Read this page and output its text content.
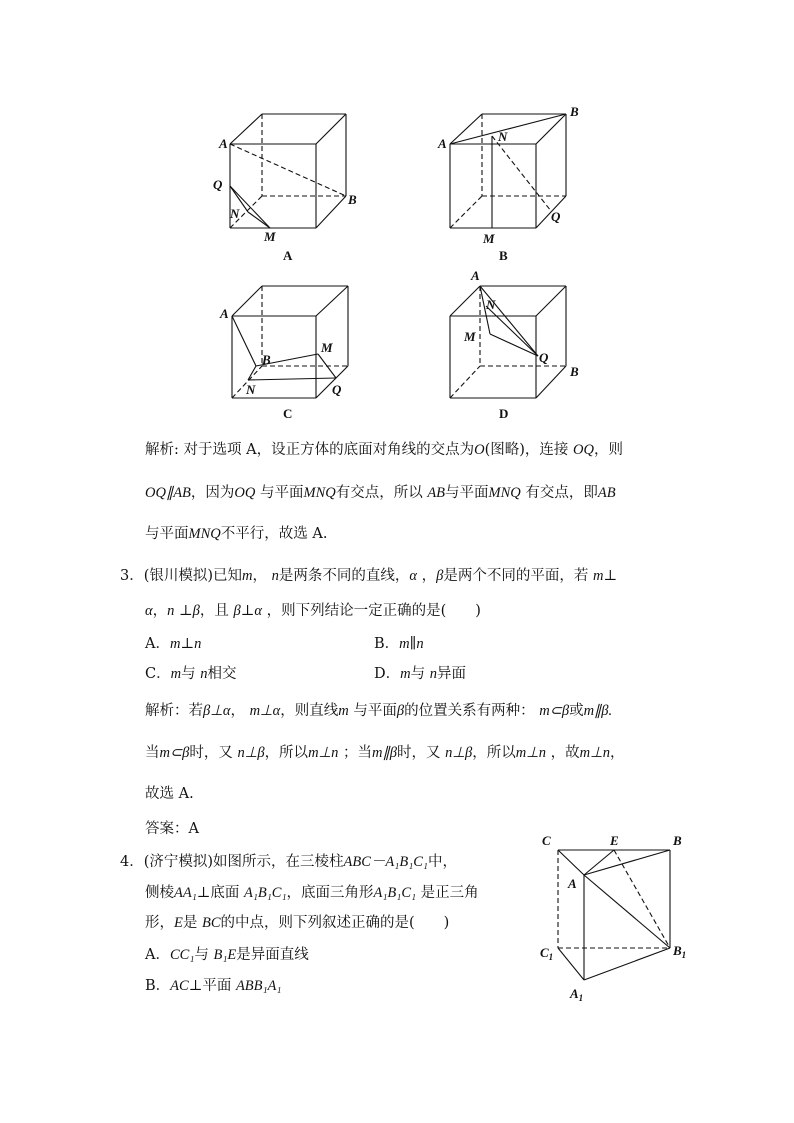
A
B
Q
N
M
A
A
B
N
M
Q
B
A
B
M
N	Q
C
A
N
M
Q
B
D
解析: 对于选项 A，设正方体的底面对角线的交点为O(图略)，连接 OQ，则
OQ∥AB，因为OQ 与平面MNQ有交点，所以 AB与平面MNQ 有交点，即AB
与平面MNQ不平行，故选 A.
3．(银川模拟)已知m， n是两条不同的直线，α ，β是两个不同的平面，若 m⊥
α，n ⊥β，且 β⊥α ，则下列结论一定正确的是(　　)
A．m⊥n	B．m∥n
C．m与 n相交	D．m与 n异面
解析：若β⊥α， m⊥α，则直线m 与平面β的位置关系有两种： m⊂β或m∥β.
当m⊂β时，又 n⊥β，所以m⊥n ；当m∥β时，又 n⊥β，所以m⊥n ，故m⊥n，
故选 A.
答案：A
4．(济宁模拟)如图所示，在三棱柱ABC－A₁B₁C₁中，
侧棱AA₁⊥底面 A₁B₁C₁，底面三角形A₁B₁C₁ 是正三角
形，E是 BC的中点，则下列叙述正确的是(　　)
A．CC₁与 B₁E是异面直线
B．AC⊥平面 ABB₁A₁
C	E	B
A
$C_1$	$B_1$
$A_1$
